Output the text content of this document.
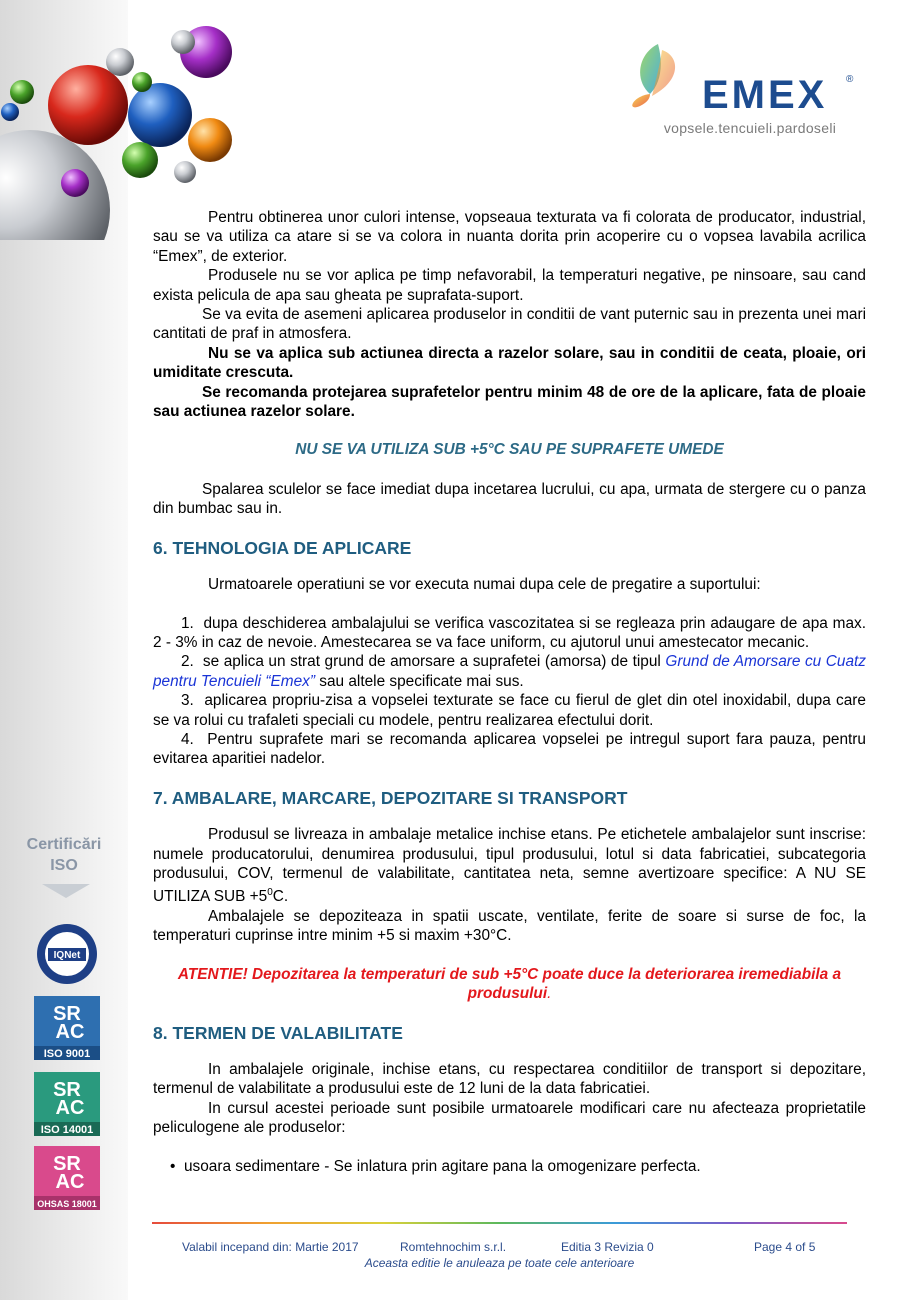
EMEX ®
vopsele.tencuieli.pardoseli
Certificări
ISO
IQNet
SR
AC
ISO 9001
SR
AC
ISO 14001
SR
AC
OHSAS 18001

Pentru obtinerea unor culori intense, vopseaua texturata va fi colorata de producator, industrial, sau se va utiliza ca atare si se va colora in nuanta dorita prin acoperire cu o vopsea lavabila acrilica “Emex”, de exterior.

Produsele nu se vor aplica pe timp nefavorabil, la temperaturi negative, pe ninsoare, sau cand exista pelicula de apa sau gheata pe suprafata-suport.

Se va evita de asemeni aplicarea produselor in conditii de vant puternic sau in prezenta unei mari cantitati de praf in atmosfera.

Nu se va aplica sub actiunea directa a razelor solare, sau in conditii de ceata, ploaie, ori umiditate crescuta.

Se recomanda protejarea suprafetelor pentru minim 48 de ore de la aplicare, fata de ploaie sau actiunea razelor solare.

NU SE VA UTILIZA SUB +5°C SAU PE SUPRAFETE UMEDE

Spalarea sculelor se face imediat dupa incetarea lucrului, cu apa, urmata de stergere cu o panza din bumbac sau in.

6. TEHNOLOGIA DE APLICARE

Urmatoarele operatiuni se vor executa numai dupa cele de pregatire a suportului:

1. dupa deschiderea ambalajului se verifica vascozitatea si se regleaza prin adaugare de apa max. 2 - 3% in caz de nevoie. Amestecarea se va face uniform, cu ajutorul unui amestecator mecanic.

2. se aplica un strat grund de amorsare a suprafetei (amorsa) de tipul Grund de Amorsare cu Cuatz pentru Tencuieli “Emex” sau altele specificate mai sus.

3. aplicarea propriu-zisa a vopselei texturate se face cu fierul de glet din otel inoxidabil, dupa care se va rolui cu trafaleti speciali cu modele, pentru realizarea efectului dorit.

4. Pentru suprafete mari se recomanda aplicarea vopselei pe intregul suport fara pauza, pentru evitarea aparitiei nadelor.

7. AMBALARE, MARCARE, DEPOZITARE SI TRANSPORT

Produsul se livreaza in ambalaje metalice inchise etans. Pe etichetele ambalajelor sunt inscrise: numele producatorului, denumirea produsului, tipul produsului, lotul si data fabricatiei, subcategoria produsului, COV, termenul de valabilitate, cantitatea neta, semne avertizoare specifice: A NU SE UTILIZA SUB $+5^0C$.

Ambalajele se depoziteaza in spatii uscate, ventilate, ferite de soare si surse de foc, la temperaturi cuprinse intre minim +5 si maxim +30°C.

ATENTIE! Depozitarea la temperaturi de sub +5°C poate duce la deteriorarea iremediabila a produsului.

8. TERMEN DE VALABILITATE

In ambalajele originale, inchise etans, cu respectarea conditiilor de transport si depozitare, termenul de valabilitate a produsului este de 12 luni de la data fabricatiei.

In cursul acestei perioade sunt posibile urmatoarele modificari care nu afecteaza proprietatile peliculogene ale produselor:

•  usoara sedimentare - Se inlatura prin agitare pana la omogenizare perfecta.

Valabil incepand din: Martie 2017	Romtehnochim s.r.l.	Editia 3 Revizia 0	Page 4 of 5
Aceasta editie le anuleaza pe toate cele anterioare
